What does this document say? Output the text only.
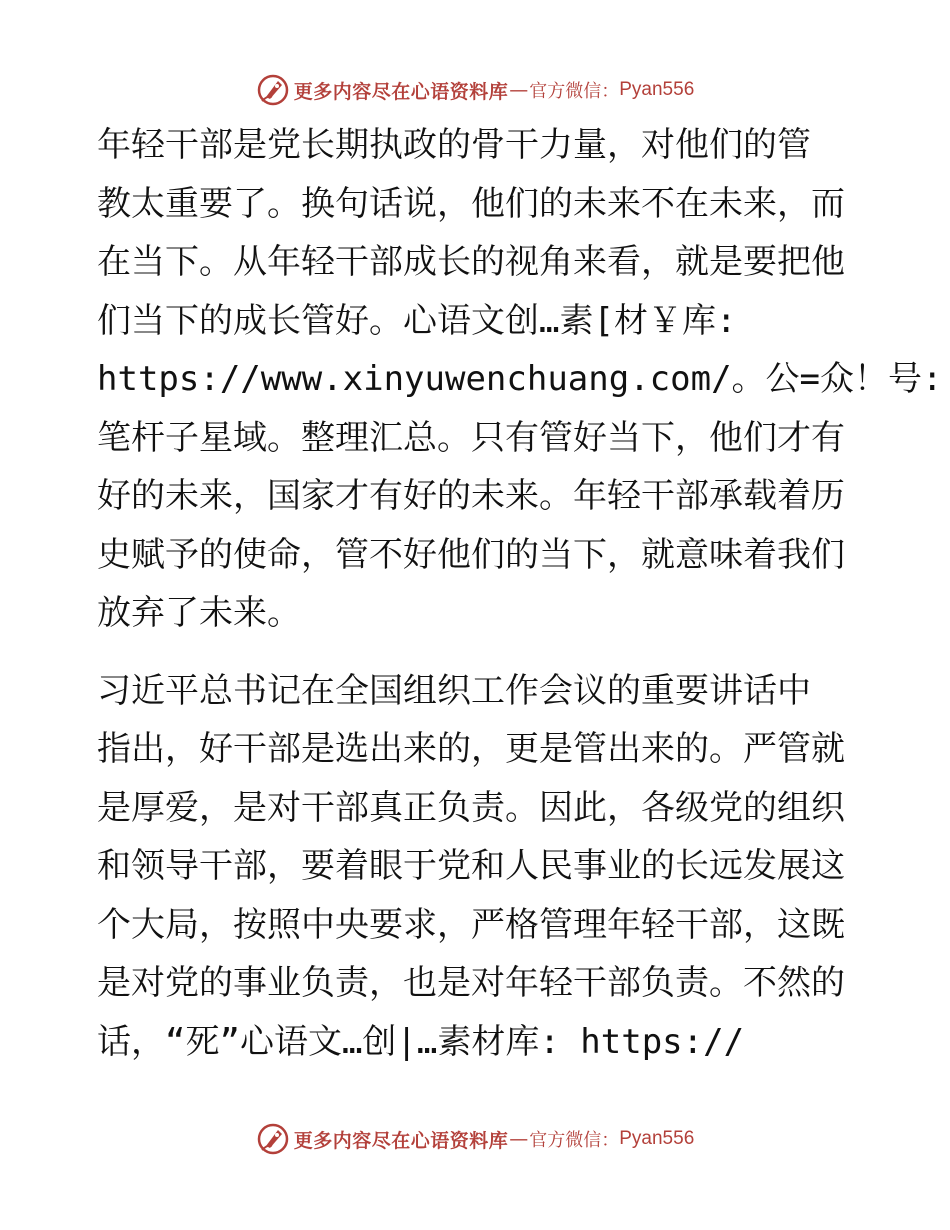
更多内容尽在心语资料库 — 官方微信： Pyan556
年轻干部是党长期执政的骨干力量，对他们的管
教太重要了。换句话说，他们的未来不在未来，而
在当下。从年轻干部成长的视角来看，就是要把他
们当下的成长管好。心语文创…素[材￥库:
https://www.xinyuwenchuang.com/。公=众！号:
笔杆子星域。整理汇总。只有管好当下，他们才有
好的未来，国家才有好的未来。年轻干部承载着历
史赋予的使命，管不好他们的当下，就意味着我们
放弃了未来。
习近平总书记在全国组织工作会议的重要讲话中
指出，好干部是选出来的，更是管出来的。严管就
是厚爱，是对干部真正负责。因此，各级党的组织
和领导干部，要着眼于党和人民事业的长远发展这
个大局，按照中央要求，严格管理年轻干部，这既
是对党的事业负责，也是对年轻干部负责。不然的
话，“死”心语文…创|…素材库: https://
更多内容尽在心语资料库 — 官方微信： Pyan556
